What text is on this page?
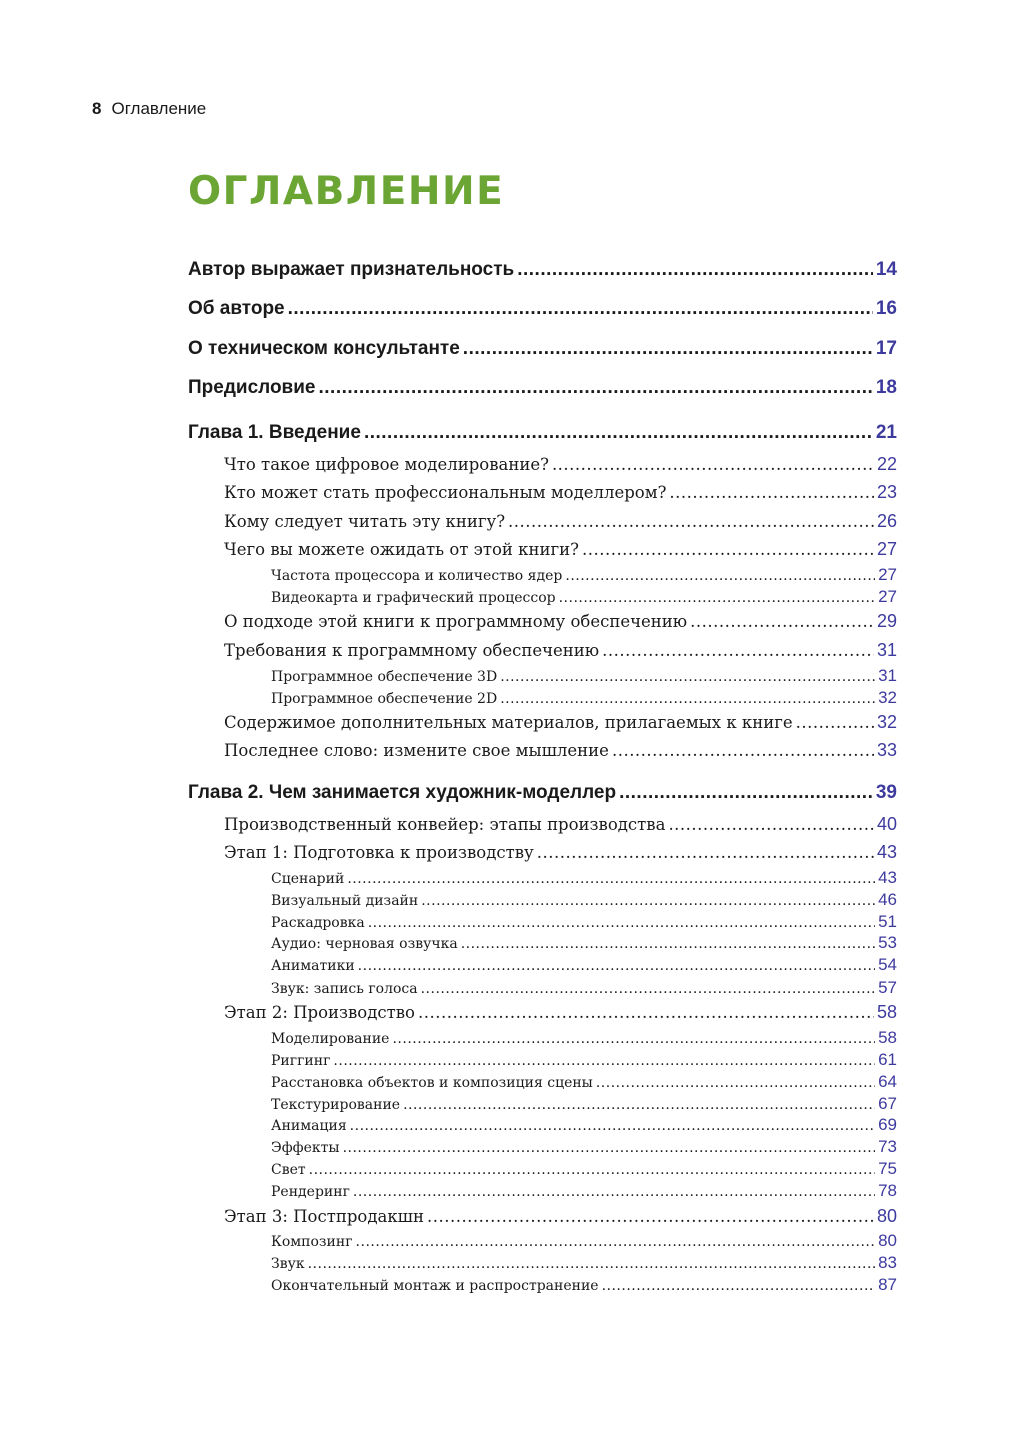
8 Оглавление
ОГЛАВЛЕНИЕ
Автор выражает признательность .....	14
Об авторе .....	16
О техническом консультанте .....	17
Предисловие .....	18
Глава 1. Введение .....	21
Что такое цифровое моделирование? .....	22
Кто может стать профессиональным моделлером? .....	23
Кому следует читать эту книгу? .....	26
Чего вы можете ожидать от этой книги? .....	27
Частота процессора и количество ядер .....	27
Видеокарта и графический процессор .....	27
О подходе этой книги к программному обеспечению .....	29
Требования к программному обеспечению .....	31
Программное обеспечение 3D .....	31
Программное обеспечение 2D .....	32
Содержимое дополнительных материалов, прилагаемых к книге .....	32
Последнее слово: измените свое мышление .....	33
Глава 2. Чем занимается художник-моделлер .....	39
Производственный конвейер: этапы производства .....	40
Этап 1: Подготовка к производству .....	43
Сценарий .....	43
Визуальный дизайн .....	46
Раскадровка .....	51
Аудио: черновая озвучка .....	53
Аниматики .....	54
Звук: запись голоса .....	57
Этап 2: Производство .....	58
Моделирование .....	58
Риггинг .....	61
Расстановка объектов и композиция сцены .....	64
Текстурирование .....	67
Анимация .....	69
Эффекты .....	73
Свет .....	75
Рендеринг .....	78
Этап 3: Постпродакшн .....	80
Композинг .....	80
Звук .....	83
Окончательный монтаж и распространение .....	87
